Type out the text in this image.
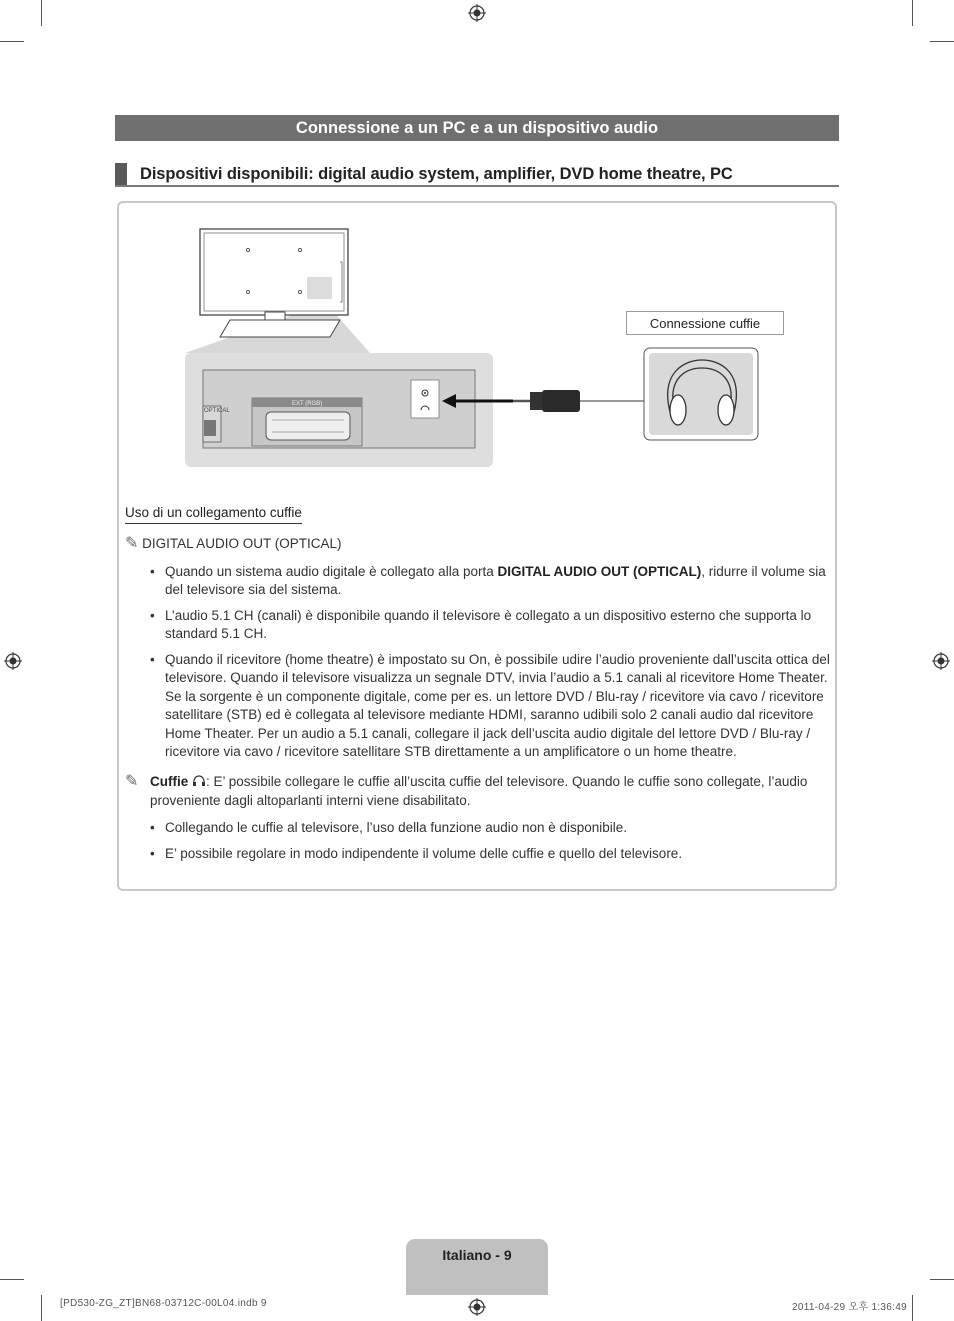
Connessione a un PC e a un dispositivo audio
Dispositivi disponibili: digital audio system, amplifier, DVD home theatre, PC
OPTICAL
EXT (RGB)
Connessione cuffie
Uso di un collegamento cuffie
✎ DIGITAL AUDIO OUT (OPTICAL)
• Quando un sistema audio digitale è collegato alla porta DIGITAL AUDIO OUT (OPTICAL), ridurre il volume sia del televisore sia del sistema.
• L’audio 5.1 CH (canali) è disponibile quando il televisore è collegato a un dispositivo esterno che supporta lo standard 5.1 CH.
• Quando il ricevitore (home theatre) è impostato su On, è possibile udire l’audio proveniente dall’uscita ottica del televisore. Quando il televisore visualizza un segnale DTV, invia l’audio a 5.1 canali al ricevitore Home Theater. Se la sorgente è un componente digitale, come per es. un lettore DVD / Blu-ray / ricevitore via cavo / ricevitore satellitare (STB) ed è collegata al televisore mediante HDMI, saranno udibili solo 2 canali audio dal ricevitore Home Theater. Per un audio a 5.1 canali, collegare il jack dell’uscita audio digitale del lettore DVD / Blu-ray / ricevitore via cavo / ricevitore satellitare STB direttamente a un amplificatore o un home theatre.
✎ Cuffie : E’ possibile collegare le cuffie all’uscita cuffie del televisore. Quando le cuffie sono collegate, l’audio proveniente dagli altoparlanti interni viene disabilitato.
• Collegando le cuffie al televisore, l’uso della funzione audio non è disponibile.
• E’ possibile regolare in modo indipendente il volume delle cuffie e quello del televisore.
Italiano - 9
[PD530-ZG_ZT]BN68-03712C-00L04.indb 9	2011-04-29 오후 1:36:49
